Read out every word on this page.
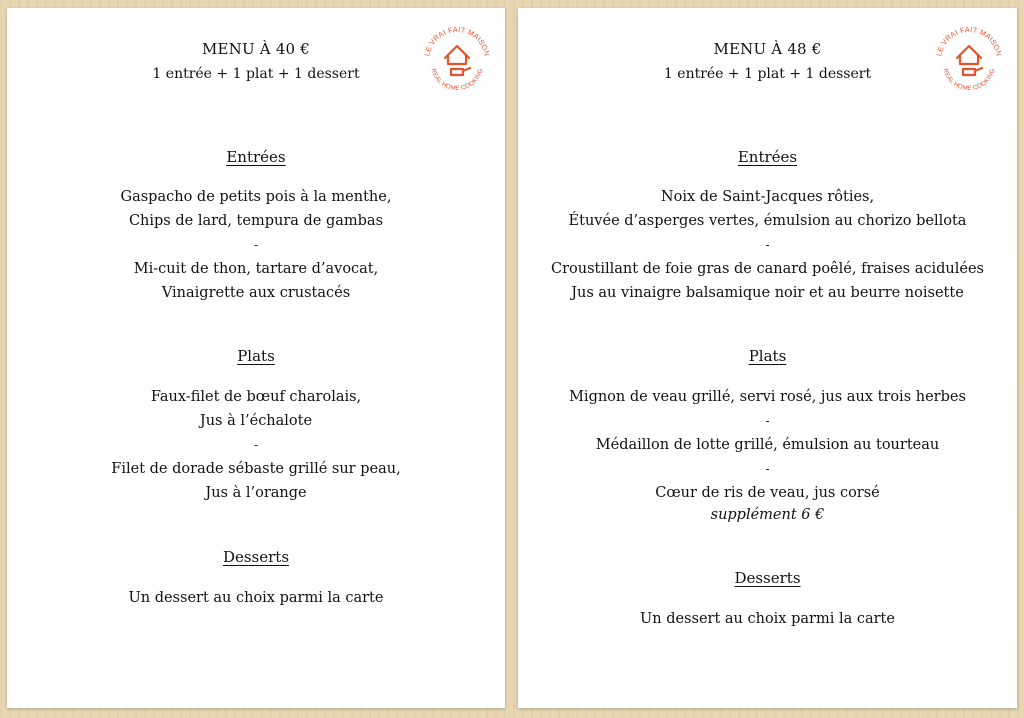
LE VRAI FAIT MAISON
REAL HOME COOKING
MENU À 40 €
1 entrée + 1 plat + 1 dessert
Entrées
Gaspacho de petits pois à la menthe,
Chips de lard, tempura de gambas
-
Mi-cuit de thon, tartare d’avocat,
Vinaigrette aux crustacés
Plats
Faux-filet de bœuf charolais,
Jus à l’échalote
-
Filet de dorade sébaste grillé sur peau,
Jus à l’orange
Desserts
Un dessert au choix parmi la carte
LE VRAI FAIT MAISON
REAL HOME COOKING
MENU À 48 €
1 entrée + 1 plat + 1 dessert
Entrées
Noix de Saint-Jacques rôties,
Étuvée d’asperges vertes, émulsion au chorizo bellota
-
Croustillant de foie gras de canard poêlé, fraises acidulées
Jus au vinaigre balsamique noir et au beurre noisette
Plats
Mignon de veau grillé, servi rosé, jus aux trois herbes
-
Médaillon de lotte grillé, émulsion au tourteau
-
Cœur de ris de veau, jus corsé
supplément 6 €
Desserts
Un dessert au choix parmi la carte
